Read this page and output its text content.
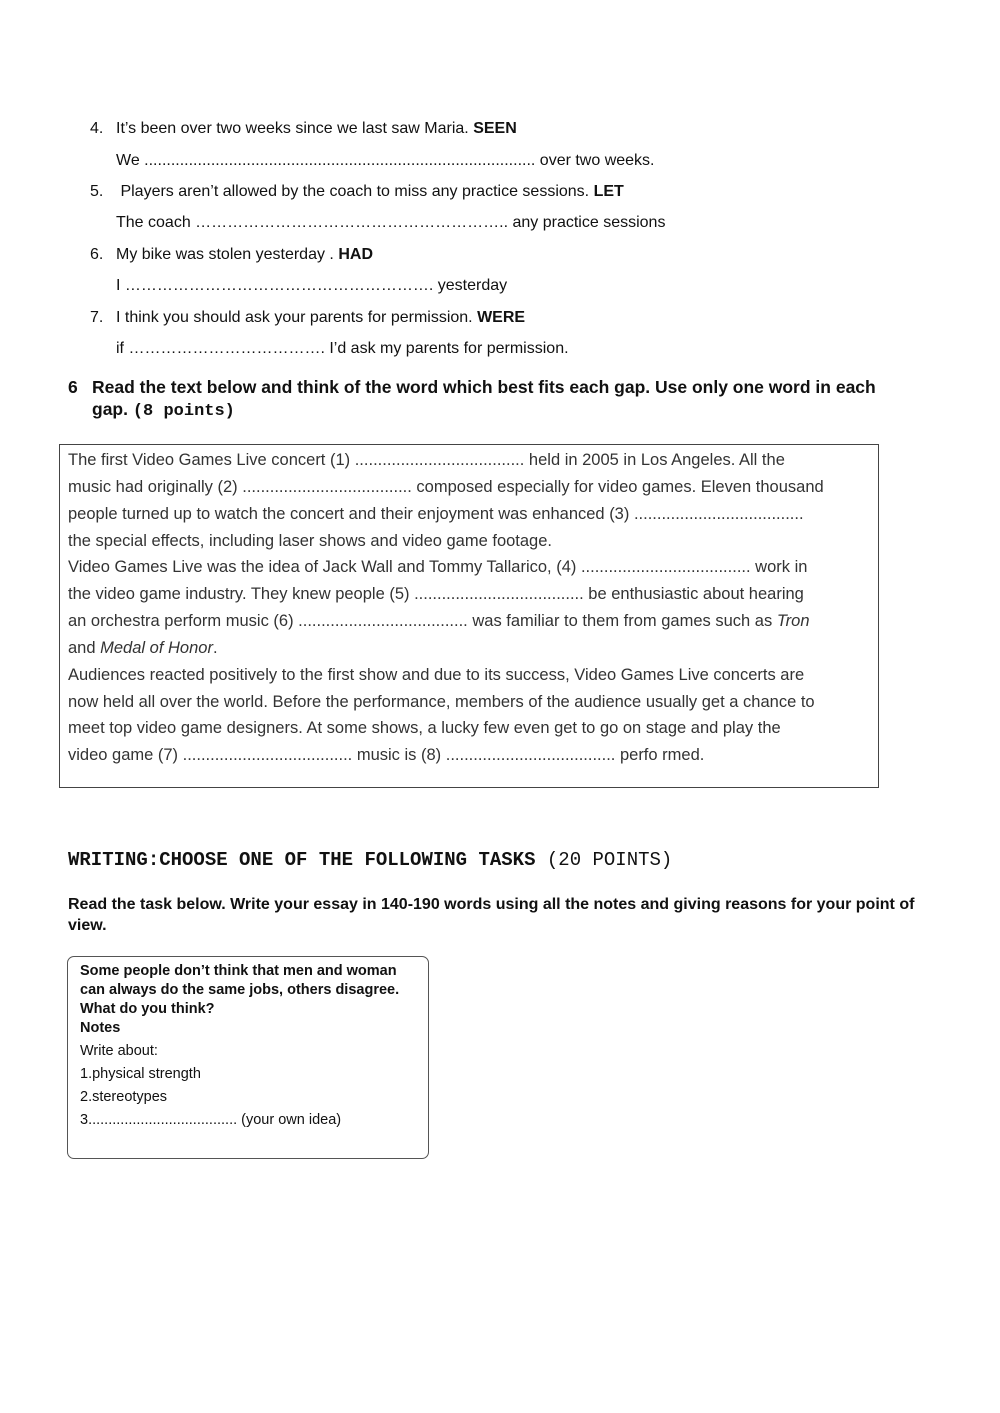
4. It’s been over two weeks since we last saw Maria. SEEN
We ........................................................................................ over two weeks.
5. Players aren’t allowed by the coach to miss any practice sessions. LET
The coach ………………………………………………….. any practice sessions
6. My bike was stolen yesterday . HAD
I …………………………………………………. yesterday
7. I think you should ask your parents for permission. WERE
if ………………………………. I’d ask my parents for permission.
6 Read the text below and think of the word which best fits each gap. Use only one word in each
gap. (8 points)
The first Video Games Live concert (1) ..................................... held in 2005 in Los Angeles. All the
music had originally (2) ..................................... composed especially for video games. Eleven thousand
people turned up to watch the concert and their enjoyment was enhanced (3) .....................................
the special effects, including laser shows and video game footage.
Video Games Live was the idea of Jack Wall and Tommy Tallarico, (4) ..................................... work in
the video game industry. They knew people (5) ..................................... be enthusiastic about hearing
an orchestra perform music (6) ..................................... was familiar to them from games such as Tron
and Medal of Honor.
Audiences reacted positively to the first show and due to its success, Video Games Live concerts are
now held all over the world. Before the performance, members of the audience usually get a chance to
meet top video game designers. At some shows, a lucky few even get to go on stage and play the
video game (7) ..................................... music is (8) ..................................... perfo rmed.
WRITING:CHOOSE ONE OF THE FOLLOWING TASKS (20 POINTS)
Read the task below. Write your essay in 140-190 words using all the notes and giving reasons for your point of view.
Some people don’t think that men and woman
can always do the same jobs, others disagree.
What do you think?
Notes
Write about:
1.physical strength
2.stereotypes
3..................................... (your own idea)
